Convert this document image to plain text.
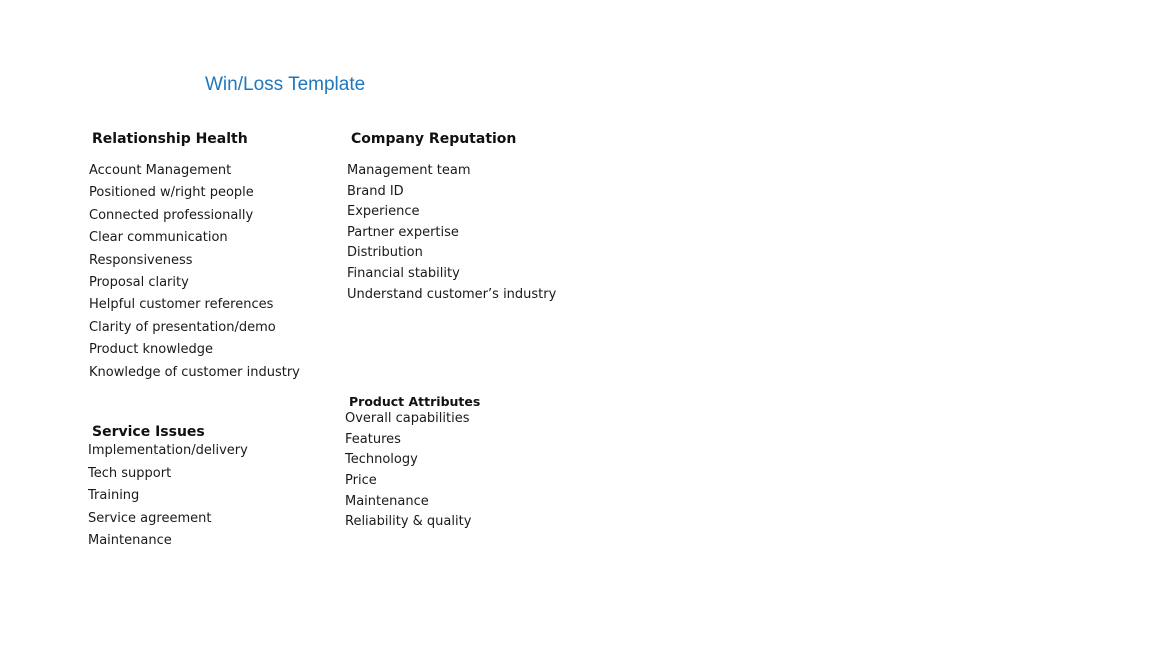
Win/Loss Template
Relationship Health
Account Management
Positioned w/right people
Connected professionally
Clear communication
Responsiveness
Proposal clarity
Helpful customer references
Clarity of presentation/demo
Product knowledge
Knowledge of customer industry
Company Reputation
Management team
Brand ID
Experience
Partner expertise
Distribution
Financial stability
Understand customer’s industry
Service Issues
Implementation/delivery
Tech support
Training
Service agreement
Maintenance
Product Attributes
Overall capabilities
Features
Technology
Price
Maintenance
Reliability & quality
